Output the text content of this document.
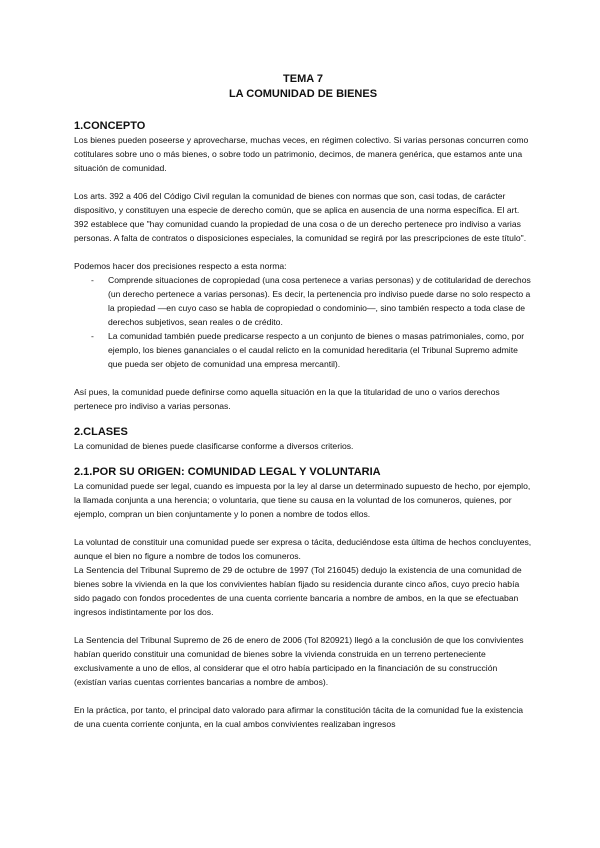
TEMA 7
LA COMUNIDAD DE BIENES
1.CONCEPTO

Los bienes pueden poseerse y aprovecharse, muchas veces, en régimen colectivo. Si varias personas concurren como cotitulares sobre uno o más bienes, o sobre todo un patrimonio, decimos, de manera genérica, que estamos ante una situación de comunidad.

Los arts. 392 a 406 del Código Civil regulan la comunidad de bienes con normas que son, casi todas, de carácter dispositivo, y constituyen una especie de derecho común, que se aplica en ausencia de una norma específica. El art. 392 establece que "hay comunidad cuando la propiedad de una cosa o de un derecho pertenece pro indiviso a varias personas. A falta de contratos o disposiciones especiales, la comunidad se regirá por las prescripciones de este título".

Podemos hacer dos precisiones respecto a esta norma:

- Comprende situaciones de copropiedad (una cosa pertenece a varias personas) y de cotitularidad de derechos (un derecho pertenece a varias personas). Es decir, la pertenencia pro indiviso puede darse no solo respecto a la propiedad —en cuyo caso se habla de copropiedad o condominio—, sino también respecto a toda clase de derechos subjetivos, sean reales o de crédito.
- La comunidad también puede predicarse respecto a un conjunto de bienes o masas patrimoniales, como, por ejemplo, los bienes gananciales o el caudal relicto en la comunidad hereditaria (el Tribunal Supremo admite que pueda ser objeto de comunidad una empresa mercantil).

Así pues, la comunidad puede definirse como aquella situación en la que la titularidad de uno o varios derechos pertenece pro indiviso a varias personas.

2.CLASES

La comunidad de bienes puede clasificarse conforme a diversos criterios.

2.1.POR SU ORIGEN: COMUNIDAD LEGAL Y VOLUNTARIA

La comunidad puede ser legal, cuando es impuesta por la ley al darse un determinado supuesto de hecho, por ejemplo, la llamada conjunta a una herencia; o voluntaria, que tiene su causa en la voluntad de los comuneros, quienes, por ejemplo, compran un bien conjuntamente y lo ponen a nombre de todos ellos.

La voluntad de constituir una comunidad puede ser expresa o tácita, deduciéndose esta última de hechos concluyentes, aunque el bien no figure a nombre de todos los comuneros.

La Sentencia del Tribunal Supremo de 29 de octubre de 1997 (Tol 216045) dedujo la existencia de una comunidad de bienes sobre la vivienda en la que los convivientes habían fijado su residencia durante cinco años, cuyo precio había sido pagado con fondos procedentes de una cuenta corriente bancaria a nombre de ambos, en la que se efectuaban ingresos indistintamente por los dos.

La Sentencia del Tribunal Supremo de 26 de enero de 2006 (Tol 820921) llegó a la conclusión de que los convivientes habían querido constituir una comunidad de bienes sobre la vivienda construida en un terreno perteneciente exclusivamente a uno de ellos, al considerar que el otro había participado en la financiación de su construcción (existían varias cuentas corrientes bancarias a nombre de ambos).

En la práctica, por tanto, el principal dato valorado para afirmar la constitución tácita de la comunidad fue la existencia de una cuenta corriente conjunta, en la cual ambos convivientes realizaban ingresos
